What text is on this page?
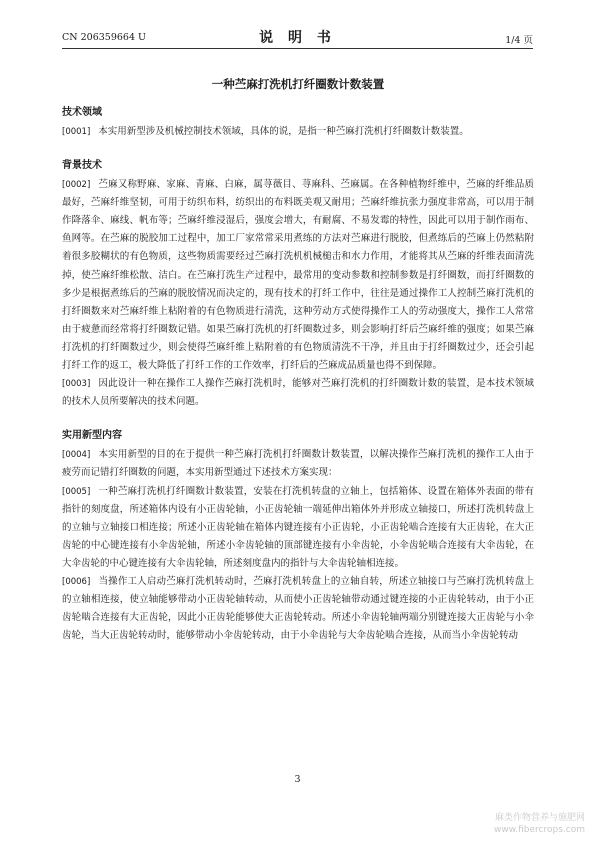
CN 206359664 U	说 明 书	1/4 页
一种苎麻打洗机打纤圈数计数装置
技术领域

[0001] 本实用新型涉及机械控制技术领域，具体的说，是指一种苎麻打洗机打纤圈数计数装置。

背景技术

[0002] 苎麻又称野麻、家麻、青麻、白麻，属荨薇目、荨麻科、苎麻属。在各种植物纤维中，苎麻的纤维品质最好，苎麻纤维坚韧，可用于纺织布料，纺织出的布料既美观又耐用；苎麻纤维抗张力强度非常高，可以用于制作降落伞、麻线、帆布等；苎麻纤维浸湿后，强度会增大，有耐腐、不易发霉的特性，因此可以用于制作雨布、鱼网等。在苎麻的脱胶加工过程中，加工厂家常常采用煮练的方法对苎麻进行脱胶，但煮练后的苎麻上仍然粘附着很多胶糊状的有色物质，这些物质需要经过苎麻打洗机机械槌击和水力作用，才能将其从苎麻的纤维表面清洗掉，使苎麻纤维松散、洁白。在苎麻打洗生产过程中，最常用的变动参数和控制参数是打纤圈数，而打纤圈数的多少是根据煮练后的苎麻的脱胶情况而决定的，现有技术的打纤工作中，往往是通过操作工人控制苎麻打洗机的打纤圈数来对苎麻纤维上粘附着的有色物质进行清洗，这种劳动方式使得操作工人的劳动强度大，操作工人常常由于疲惫而经常将打纤圈数记错。如果苎麻打洗机的打纤圈数过多，则会影响打纤后苎麻纤维的强度；如果苎麻打洗机的打纤圈数过少，则会使得苎麻纤维上粘附着的有色物质清洗不干净，并且由于打纤圈数过少，还会引起打纤工作的返工，极大降低了打纤工作的工作效率，打纤后的苎麻成品质量也得不到保障。

[0003] 因此设计一种在操作工人操作苎麻打洗机时，能够对苎麻打洗机的打纤圈数计数的装置，是本技术领域的技术人员所要解决的技术问题。

实用新型内容

[0004] 本实用新型的目的在于提供一种苎麻打洗机打纤圈数计数装置，以解决操作苎麻打洗机的操作工人由于疲劳而记错打纤圈数的问题，本实用新型通过下述技术方案实现：

[0005] 一种苎麻打洗机打纤圈数计数装置，安装在打洗机转盘的立轴上，包括箱体、设置在箱体外表面的带有指针的刻度盘，所述箱体内设有小正齿轮轴，小正齿轮轴一端延伸出箱体外并形成立轴接口，所述打洗机转盘上的立轴与立轴接口相连接；所述小正齿轮轴在箱体内键连接有小正齿轮，小正齿轮啮合连接有大正齿轮，在大正齿轮的中心键连接有小伞齿轮轴，所述小伞齿轮轴的顶部键连接有小伞齿轮，小伞齿轮啮合连接有大伞齿轮，在大伞齿轮的中心键连接有大伞齿轮轴，所述刻度盘内的指针与大伞齿轮轴相连接。

[0006] 当操作工人启动苎麻打洗机转动时，苎麻打洗机转盘上的立轴自转，所述立轴接口与苎麻打洗机转盘上的立轴相连接，使立轴能够带动小正齿轮轴转动，从而使小正齿轮轴带动通过键连接的小正齿轮转动，由于小正齿轮啮合连接有大正齿轮，因此小正齿轮能够使大正齿轮转动。所述小伞齿轮轴两端分别键连接大正齿轮与小伞齿轮，当大正齿轮转动时，能够带动小伞齿轮转动，由于小伞齿轮与大伞齿轮啮合连接，从而当小伞齿轮转动

3
麻类作物营养与施肥网
www.fibercrops.com
